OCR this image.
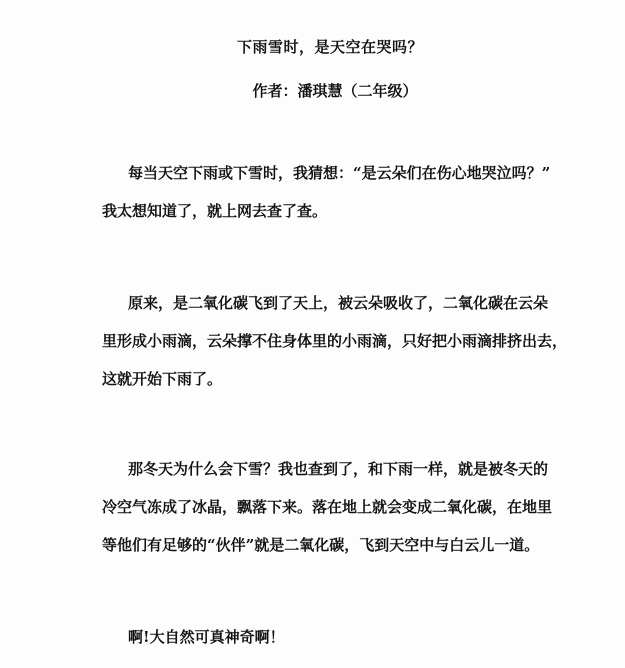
下雨雪时，是天空在哭吗？
作者：潘琪慧（二年级）
每当天空下雨或下雪时，我猜想：“是云朵们在伤心地哭泣吗？”
我太想知道了，就上网去查了查。
原来，是二氧化碳飞到了天上，被云朵吸收了，二氧化碳在云朵
里形成小雨滴，云朵撑不住身体里的小雨滴，只好把小雨滴排挤出去，
这就开始下雨了。
那冬天为什么会下雪？我也查到了，和下雨一样，就是被冬天的
冷空气冻成了冰晶，飘落下来。落在地上就会变成二氧化碳，在地里
等他们有足够的“伙伴”就是二氧化碳，飞到天空中与白云儿一道。
啊!大自然可真神奇啊！
